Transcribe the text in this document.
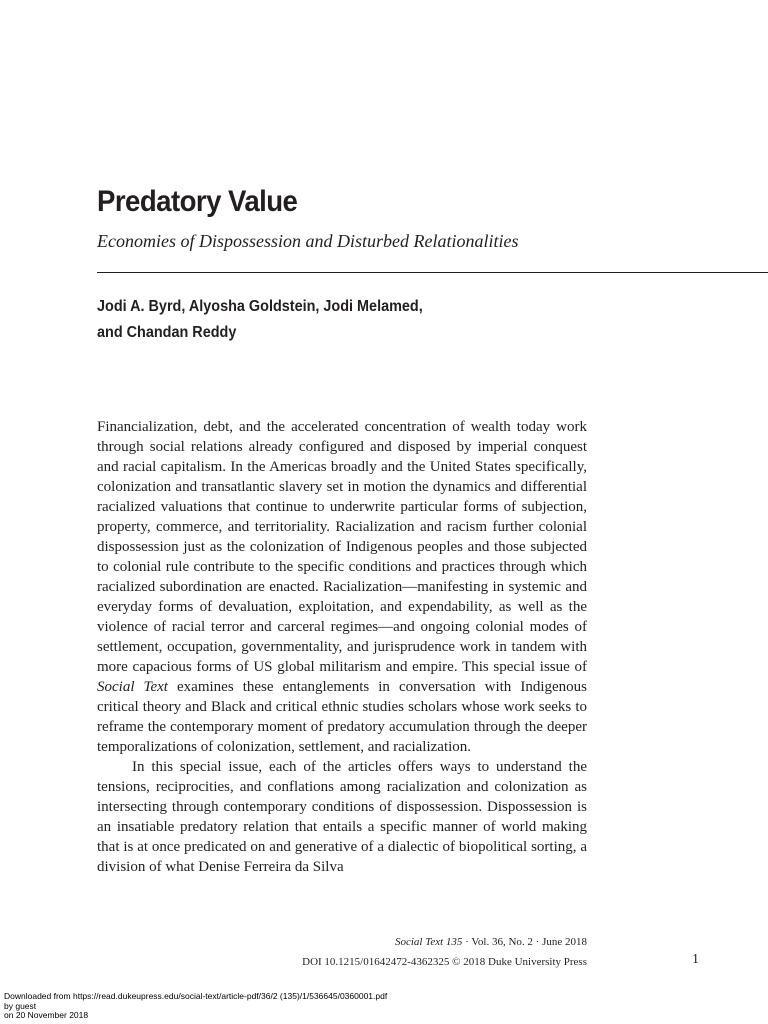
Predatory Value
Economies of Dispossession and Disturbed Relationalities
Jodi A. Byrd, Alyosha Goldstein, Jodi Melamed,
and Chandan Reddy

Financialization, debt, and the accelerated concentration of wealth today work through social relations already configured and disposed by imperial conquest and racial capitalism. In the Americas broadly and the United States specifically, colonization and transatlantic slavery set in motion the dynamics and differential racialized valuations that continue to underwrite particular forms of subjection, property, commerce, and territoriality. Racialization and racism further colonial dispossession just as the colonization of Indigenous peoples and those subjected to colonial rule contribute to the specific conditions and practices through which racialized subordination are enacted. Racialization—manifesting in systemic and everyday forms of devaluation, exploitation, and expendability, as well as the violence of racial terror and carceral regimes—and ongoing colonial modes of settlement, occupation, governmentality, and jurisprudence work in tandem with more capacious forms of US global militarism and empire. This special issue of Social Text examines these entanglements in conversation with Indigenous critical theory and Black and critical ethnic studies scholars whose work seeks to reframe the contemporary moment of predatory accumulation through the deeper temporalizations of colonization, settlement, and racialization.

In this special issue, each of the articles offers ways to understand the tensions, reciprocities, and conflations among racialization and colonization as intersecting through contemporary conditions of dispossession. Dispossession is an insatiable predatory relation that entails a specific manner of world making that is at once predicated on and generative of a dialectic of biopolitical sorting, a division of what Denise Ferreira da Silva

Social Text 135 · Vol. 36, No. 2 · June 2018
DOI 10.1215/01642472-4362325 © 2018 Duke University Press	1
Downloaded from https://read.dukeupress.edu/social-text/article-pdf/36/2 (135)/1/536645/0360001.pdf
by guest
on 20 November 2018
